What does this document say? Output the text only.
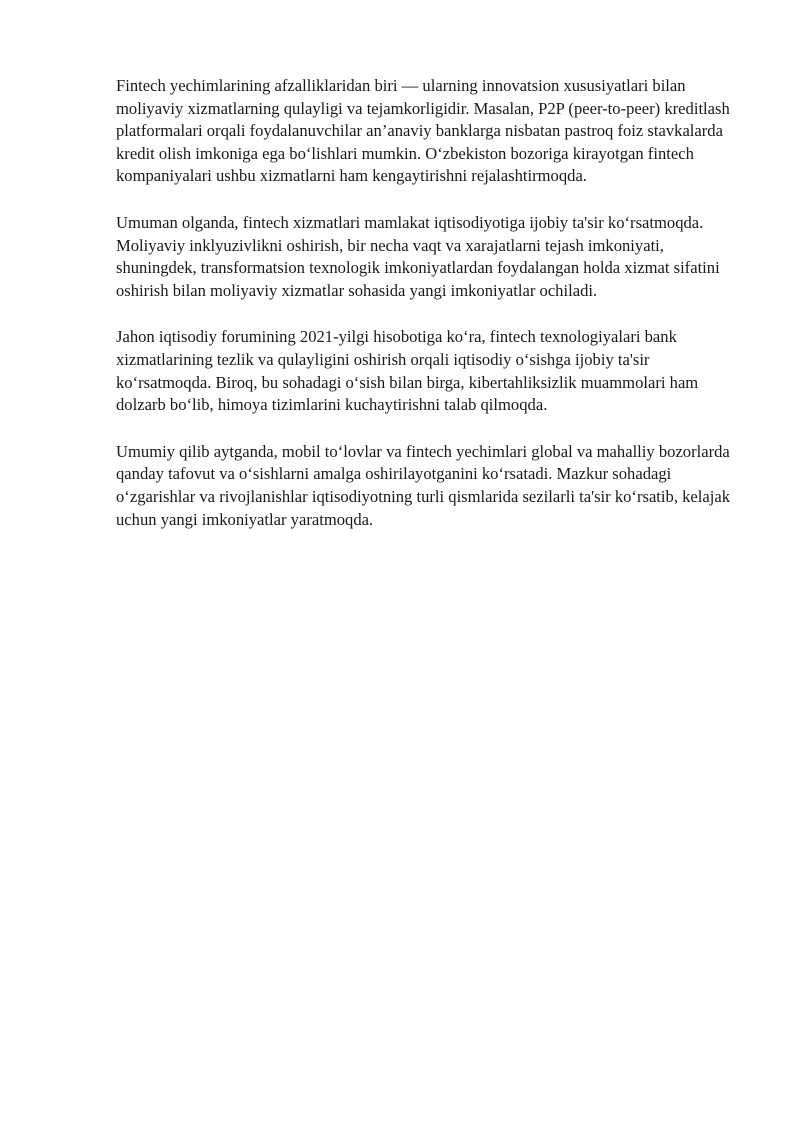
Fintech yechimlarining afzalliklaridan biri — ularning innovatsion xususiyatlari bilan moliyaviy xizmatlarning qulayligi va tejamkorligidir. Masalan, P2P (peer-to-peer) kreditlash platformalari orqali foydalanuvchilar an’anaviy banklarga nisbatan pastroq foiz stavkalarda kredit olish imkoniga ega bo‘lishlari mumkin. O‘zbekiston bozoriga kirayotgan fintech kompaniyalari ushbu xizmatlarni ham kengaytirishni rejalashtirmoqda.

Umuman olganda, fintech xizmatlari mamlakat iqtisodiyotiga ijobiy ta'sir ko‘rsatmoqda. Moliyaviy inklyuzivlikni oshirish, bir necha vaqt va xarajatlarni tejash imkoniyati, shuningdek, transformatsion texnologik imkoniyatlardan foydalangan holda xizmat sifatini oshirish bilan moliyaviy xizmatlar sohasida yangi imkoniyatlar ochiladi.

Jahon iqtisodiy forumining 2021-yilgi hisobotiga ko‘ra, fintech texnologiyalari bank xizmatlarining tezlik va qulayligini oshirish orqali iqtisodiy o‘sishga ijobiy ta'sir ko‘rsatmoqda. Biroq, bu sohadagi o‘sish bilan birga, kibertahliksizlik muammolari ham dolzarb bo‘lib, himoya tizimlarini kuchaytirishni talab qilmoqda.

Umumiy qilib aytganda, mobil to‘lovlar va fintech yechimlari global va mahalliy bozorlarda qanday tafovut va o‘sishlarni amalga oshirilayotganini ko‘rsatadi. Mazkur sohadagi o‘zgarishlar va rivojlanishlar iqtisodiyotning turli qismlarida sezilarli ta'sir ko‘rsatib, kelajak uchun yangi imkoniyatlar yaratmoqda.
